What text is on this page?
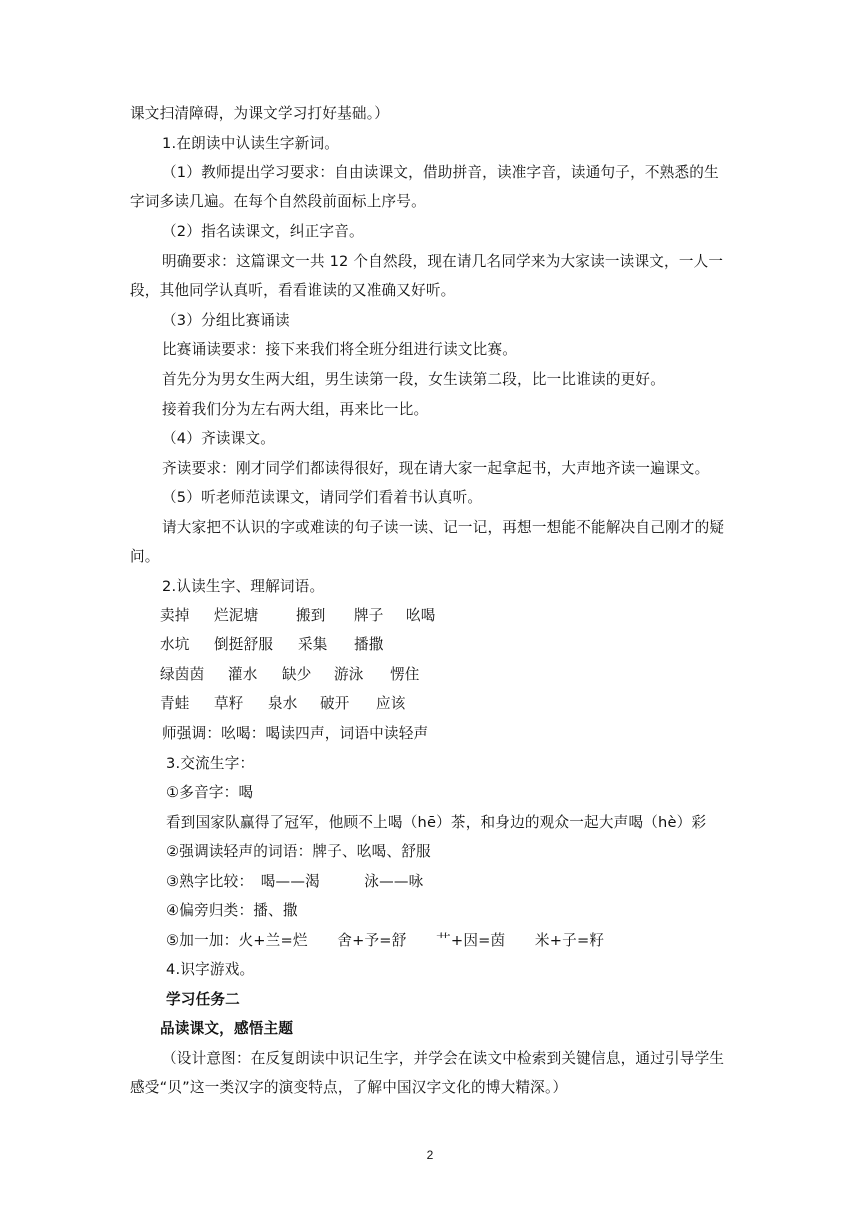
课文扫清障碍，为课文学习打好基础。）
1.在朗读中认读生字新词。
（1）教师提出学习要求：自由读课文，借助拼音，读准字音，读通句子，不熟悉的生
字词多读几遍。在每个自然段前面标上序号。
（2）指名读课文，纠正字音。
明确要求：这篇课文一共 12 个自然段，现在请几名同学来为大家读一读课文，一人一
段，其他同学认真听，看看谁读的又准确又好听。
（3）分组比赛诵读
比赛诵读要求：接下来我们将全班分组进行读文比赛。
首先分为男女生两大组，男生读第一段，女生读第二段，比一比谁读的更好。
接着我们分为左右两大组，再来比一比。
（4）齐读课文。
齐读要求：刚才同学们都读得很好，现在请大家一起拿起书，大声地齐读一遍课文。
（5）听老师范读课文，请同学们看着书认真听。
请大家把不认识的字或难读的句子读一读、记一记，再想一想能不能解决自己刚才的疑
问。
2.认读生字、理解词语。
卖掉 烂泥塘	搬到 牌子 吆喝
水坑 倒挺舒服 采集 播撒
绿茵茵 灌水 缺少 游泳 愣住
青蛙 草籽 泉水 破开 应该
师强调：吆喝：喝读四声，词语中读轻声
3.交流生字：
①多音字：喝
看到国家队赢得了冠军，他顾不上喝（hē）茶，和身边的观众一起大声喝（hè）彩
②强调读轻声的词语：牌子、吆喝、舒服
③熟字比较：　喝——渴　　　泳——咏
④偏旁归类：播、撒
⑤加一加：火+兰=烂　　舍+予=舒　　艹+因=茵　　米+子=籽
4.识字游戏。
学习任务二
品读课文，感悟主题
（设计意图：在反复朗读中识记生字，并学会在读文中检索到关键信息，通过引导学生
感受“贝”这一类汉字的演变特点，了解中国汉字文化的博大精深。）
2
